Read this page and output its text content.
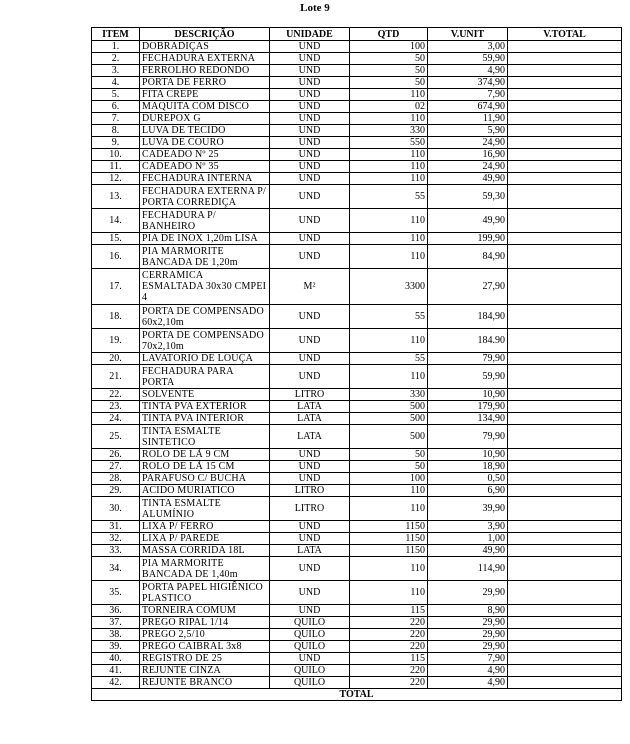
Lote 9
ITEM	DESCRIÇÃO	UNIDADE	QTD	V.UNIT	V.TOTAL
1.	DOBRADIÇAS	UND	100	3,00	
2.	FECHADURA EXTERNA	UND	50	59,90	
3.	FERROLHO REDONDO	UND	50	4,90	
4.	PORTA DE FERRO	UND	50	374,90	
5.	FITA CREPE	UND	110	7,90	
6.	MAQUITA COM DISCO	UND	02	674,90	
7.	DUREPOX G	UND	110	11,90	
8.	LUVA DE TECIDO	UND	330	5,90	
9.	LUVA DE COURO	UND	550	24,90	
10.	CADEADO Nº 25	UND	110	16,90	
11.	CADEADO Nº 35	UND	110	24,90	
12.	FECHADURA INTERNA	UND	110	49,90	
13.	FECHADURA EXTERNA P/ PORTA CORREDIÇA	UND	55	59,30	
14.	FECHADURA P/ BANHEIRO	UND	110	49,90	
15.	PIA DE INOX 1,20m LISA	UND	110	199,90	
16.	PIA MARMORITE BANCADA DE 1,20m	UND	110	84,90	
17.	CERRAMICA ESMALTADA 30x30 CMPEI 4	M²	3300	27,90	
18.	PORTA DE COMPENSADO 60x2,10m	UND	55	184,90	
19.	PORTA DE COMPENSADO 70x2,10m	UND	110	184.90	
20.	LAVATÓRIO DE LOUÇA	UND	55	79,90	
21.	FECHADURA PARA PORTA	UND	110	59,90	
22.	SOLVENTE	LITRO	330	10,90	
23.	TINTA PVA EXTERIOR	LATA	500	179,90	
24.	TINTA PVA INTERIOR	LATA	500	134,90	
25.	TINTA ESMALTE SINTETICO	LATA	500	79,90	
26.	ROLO DE LÃ 9 CM	UND	50	10,90	
27.	ROLO DE LÃ 15 CM	UND	50	18,90	
28.	PARAFUSO C/ BUCHA	UND	100	0,50	
29.	ACIDO MURIATICO	LITRO	110	6,90	
30.	TINTA ESMALTE ALUMÍNIO	LITRO	110	39,90	
31.	LIXA P/ FERRO	UND	1150	3,90	
32.	LIXA P/ PAREDE	UND	1150	1,00	
33.	MASSA CORRIDA 18L	LATA	1150	49,90	
34.	PIA MARMORITE BANCADA DE 1,40m	UND	110	114,90	
35.	PORTA PAPEL HIGIÊNICO PLASTICO	UND	110	29,90	
36.	TORNEIRA COMUM	UND	115	8,90	
37.	PREGO RIPAL 1/14	QUILO	220	29,90	
38.	PREGO 2,5/10	QUILO	220	29,90	
39.	PREGO CAIBRAL 3x8	QUILO	220	29,90	
40.	REGISTRO DE 25	UND	115	7,90	
41.	REJUNTE CINZA	QUILO	220	4,90	
42.	REJUNTE BRANCO	QUILO	220	4,90	
TOTAL					
